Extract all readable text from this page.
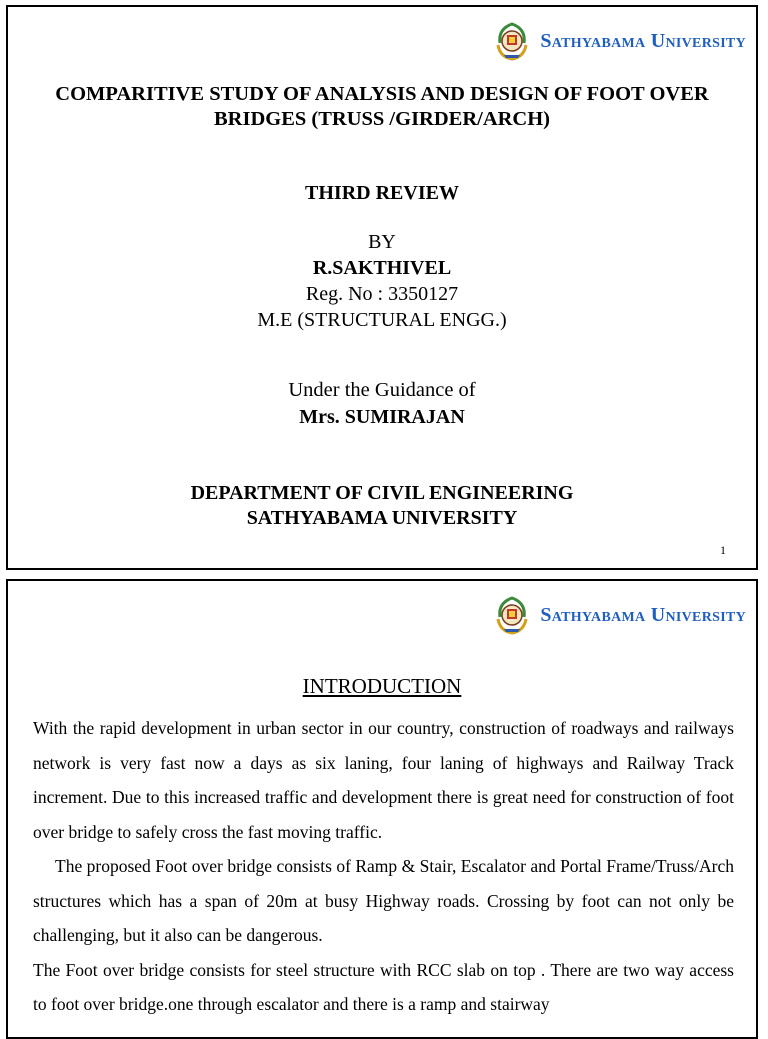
Sathyabama University
COMPARITIVE STUDY OF ANALYSIS AND DESIGN OF FOOT OVER BRIDGES (TRUSS /GIRDER/ARCH)
THIRD REVIEW
BY
R.SAKTHIVEL
Reg. No : 3350127
M.E (STRUCTURAL ENGG.)
Under the Guidance of
Mrs. SUMIRAJAN
DEPARTMENT OF CIVIL ENGINEERING
SATHYABAMA UNIVERSITY
1
Sathyabama University
INTRODUCTION

With the rapid development in urban sector in our country, construction of roadways and railways network is very fast now a days as six laning, four laning of highways and Railway Track increment. Due to this increased traffic and development there is great need for construction of foot over bridge to safely cross the fast moving traffic.

The proposed Foot over bridge consists of Ramp & Stair, Escalator and Portal Frame/Truss/Arch structures which has a span of 20m at busy Highway roads. Crossing by foot can not only be challenging, but it also can be dangerous.

The Foot over bridge consists for steel structure with RCC slab on top . There are two way access to foot over bridge.one through escalator and there is a ramp and stairway
